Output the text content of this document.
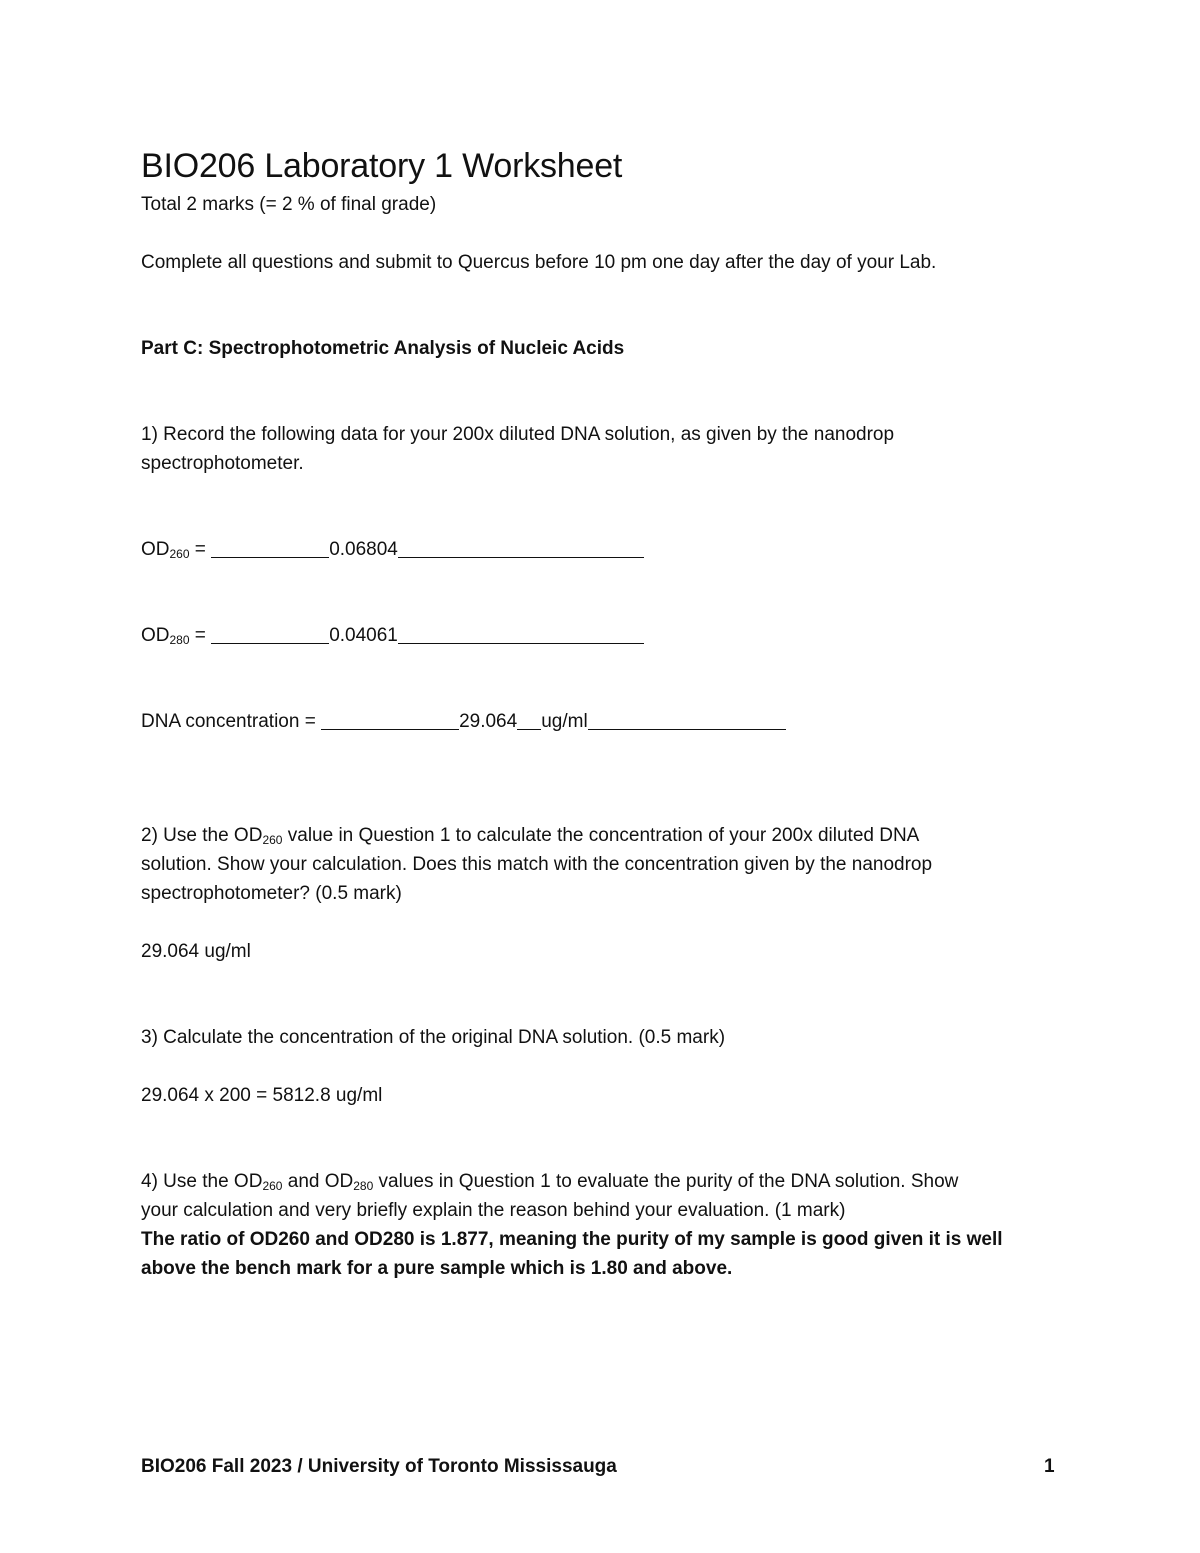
BIO206 Laboratory 1 Worksheet
Total 2 marks (= 2 % of final grade)
Complete all questions and submit to Quercus before 10 pm one day after the day of your Lab.
Part C: Spectrophotometric Analysis of Nucleic Acids
1) Record the following data for your 200x diluted DNA solution, as given by the nanodrop
spectrophotometer.
$OD_{260}$ =	0.06804
$OD_{280}$ =	0.04061
DNA concentration =	29.064 ug/ml
2) Use the $OD_{260}$ value in Question 1 to calculate the concentration of your 200x diluted DNA
solution. Show your calculation. Does this match with the concentration given by the nanodrop
spectrophotometer? (0.5 mark)
29.064 ug/ml
3) Calculate the concentration of the original DNA solution. (0.5 mark)
29.064 x 200 = 5812.8 ug/ml
4) Use the $OD_{260}$ and $OD_{280}$ values in Question 1 to evaluate the purity of the DNA solution. Show
your calculation and very briefly explain the reason behind your evaluation. (1 mark)
The ratio of OD260 and OD280 is 1.877, meaning the purity of my sample is good given it is well
above the bench mark for a pure sample which is 1.80 and above.
BIO206 Fall 2023 / University of Toronto Mississauga	1
